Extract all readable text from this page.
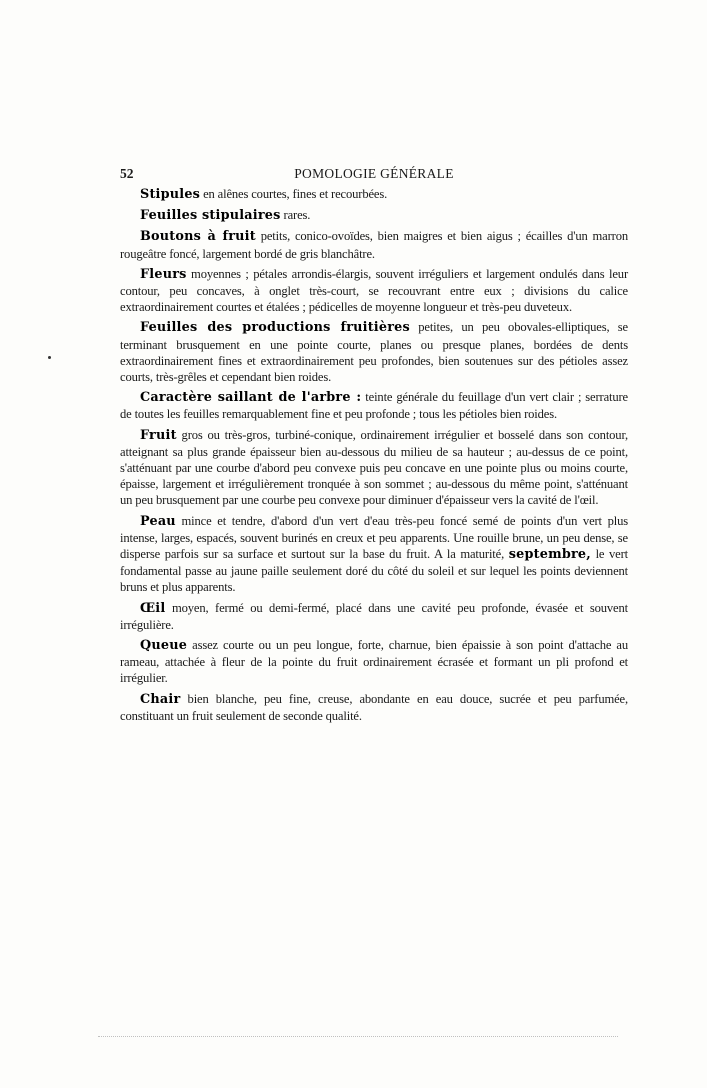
52	POMOLOGIE GÉNÉRALE

Stipules en alênes courtes, fines et recourbées.

Feuilles stipulaires rares.

Boutons à fruit petits, conico-ovoïdes, bien maigres et bien aigus ; écailles d'un marron rougeâtre foncé, largement bordé de gris blanchâtre.

Fleurs moyennes ; pétales arrondis-élargis, souvent irréguliers et largement ondulés dans leur contour, peu concaves, à onglet très-court, se recouvrant entre eux ; divisions du calice extraordinairement courtes et étalées ; pédicelles de moyenne longueur et très-peu duveteux.

Feuilles des productions fruitières petites, un peu obovales-elliptiques, se terminant brusquement en une pointe courte, planes ou presque planes, bordées de dents extraordinairement fines et extraordinairement peu profondes, bien soutenues sur des pétioles assez courts, très-grêles et cependant bien roides.

Caractère saillant de l'arbre : teinte générale du feuillage d'un vert clair ; serrature de toutes les feuilles remarquablement fine et peu profonde ; tous les pétioles bien roides.

Fruit gros ou très-gros, turbiné-conique, ordinairement irrégulier et bosselé dans son contour, atteignant sa plus grande épaisseur bien au-dessous du milieu de sa hauteur ; au-dessus de ce point, s'atténuant par une courbe d'abord peu convexe puis peu concave en une pointe plus ou moins courte, épaisse, largement et irrégulièrement tronquée à son sommet ; au-dessous du même point, s'atténuant un peu brusquement par une courbe peu convexe pour diminuer d'épaisseur vers la cavité de l'œil.

Peau mince et tendre, d'abord d'un vert d'eau très-peu foncé semé de points d'un vert plus intense, larges, espacés, souvent burinés en creux et peu apparents. Une rouille brune, un peu dense, se disperse parfois sur sa surface et surtout sur la base du fruit. A la maturité, septembre, le vert fondamental passe au jaune paille seulement doré du côté du soleil et sur lequel les points deviennent bruns et plus apparents.

Œil moyen, fermé ou demi-fermé, placé dans une cavité peu profonde, évasée et souvent irrégulière.

Queue assez courte ou un peu longue, forte, charnue, bien épaissie à son point d'attache au rameau, attachée à fleur de la pointe du fruit ordinairement écrasée et formant un pli profond et irrégulier.

Chair bien blanche, peu fine, creuse, abondante en eau douce, sucrée et peu parfumée, constituant un fruit seulement de seconde qualité.
